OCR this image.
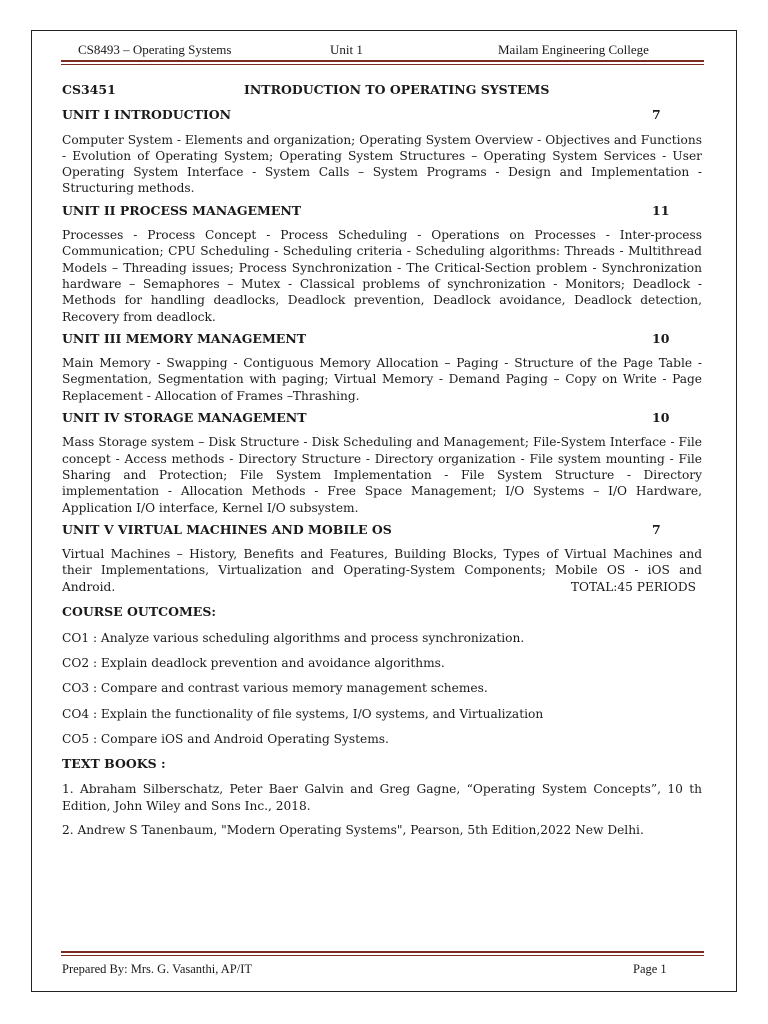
CS8493 – Operating Systems	Unit 1	Mailam Engineering College
CS3451	INTRODUCTION TO OPERATING SYSTEMS
UNIT I INTRODUCTION	7

Computer System - Elements and organization; Operating System Overview - Objectives and Functions - Evolution of Operating System; Operating System Structures – Operating System Services - User Operating System Interface - System Calls – System Programs - Design and Implementation - Structuring methods.

UNIT II PROCESS MANAGEMENT	11

Processes - Process Concept - Process Scheduling - Operations on Processes - Inter-process Communication; CPU Scheduling - Scheduling criteria - Scheduling algorithms: Threads - Multithread Models – Threading issues; Process Synchronization - The Critical-Section problem - Synchronization hardware – Semaphores – Mutex - Classical problems of synchronization - Monitors; Deadlock - Methods for handling deadlocks, Deadlock prevention, Deadlock avoidance, Deadlock detection, Recovery from deadlock.

UNIT III MEMORY MANAGEMENT	10

Main Memory - Swapping - Contiguous Memory Allocation – Paging - Structure of the Page Table - Segmentation, Segmentation with paging; Virtual Memory - Demand Paging – Copy on Write - Page Replacement - Allocation of Frames –Thrashing.

UNIT IV STORAGE MANAGEMENT	10

Mass Storage system – Disk Structure - Disk Scheduling and Management; File-System Interface - File concept - Access methods - Directory Structure - Directory organization - File system mounting - File Sharing and Protection; File System Implementation - File System Structure - Directory implementation - Allocation Methods - Free Space Management; I/O Systems – I/O Hardware, Application I/O interface, Kernel I/O subsystem.

UNIT V VIRTUAL MACHINES AND MOBILE OS	7

Virtual Machines – History, Benefits and Features, Building Blocks, Types of Virtual Machines and their Implementations, Virtualization and Operating-System Components; Mobile OS - iOS and Android.	TOTAL:45 PERIODS
COURSE OUTCOMES:
CO1 : Analyze various scheduling algorithms and process synchronization.
CO2 : Explain deadlock prevention and avoidance algorithms.
CO3 : Compare and contrast various memory management schemes.
CO4 : Explain the functionality of file systems, I/O systems, and Virtualization
CO5 : Compare iOS and Android Operating Systems.
TEXT BOOKS :

1. Abraham Silberschatz, Peter Baer Galvin and Greg Gagne, “Operating System Concepts”, 10 th Edition, John Wiley and Sons Inc., 2018.

2. Andrew S Tanenbaum, "Modern Operating Systems", Pearson, 5th Edition,2022 New Delhi.

Prepared By: Mrs. G. Vasanthi, AP/IT	Page 1
